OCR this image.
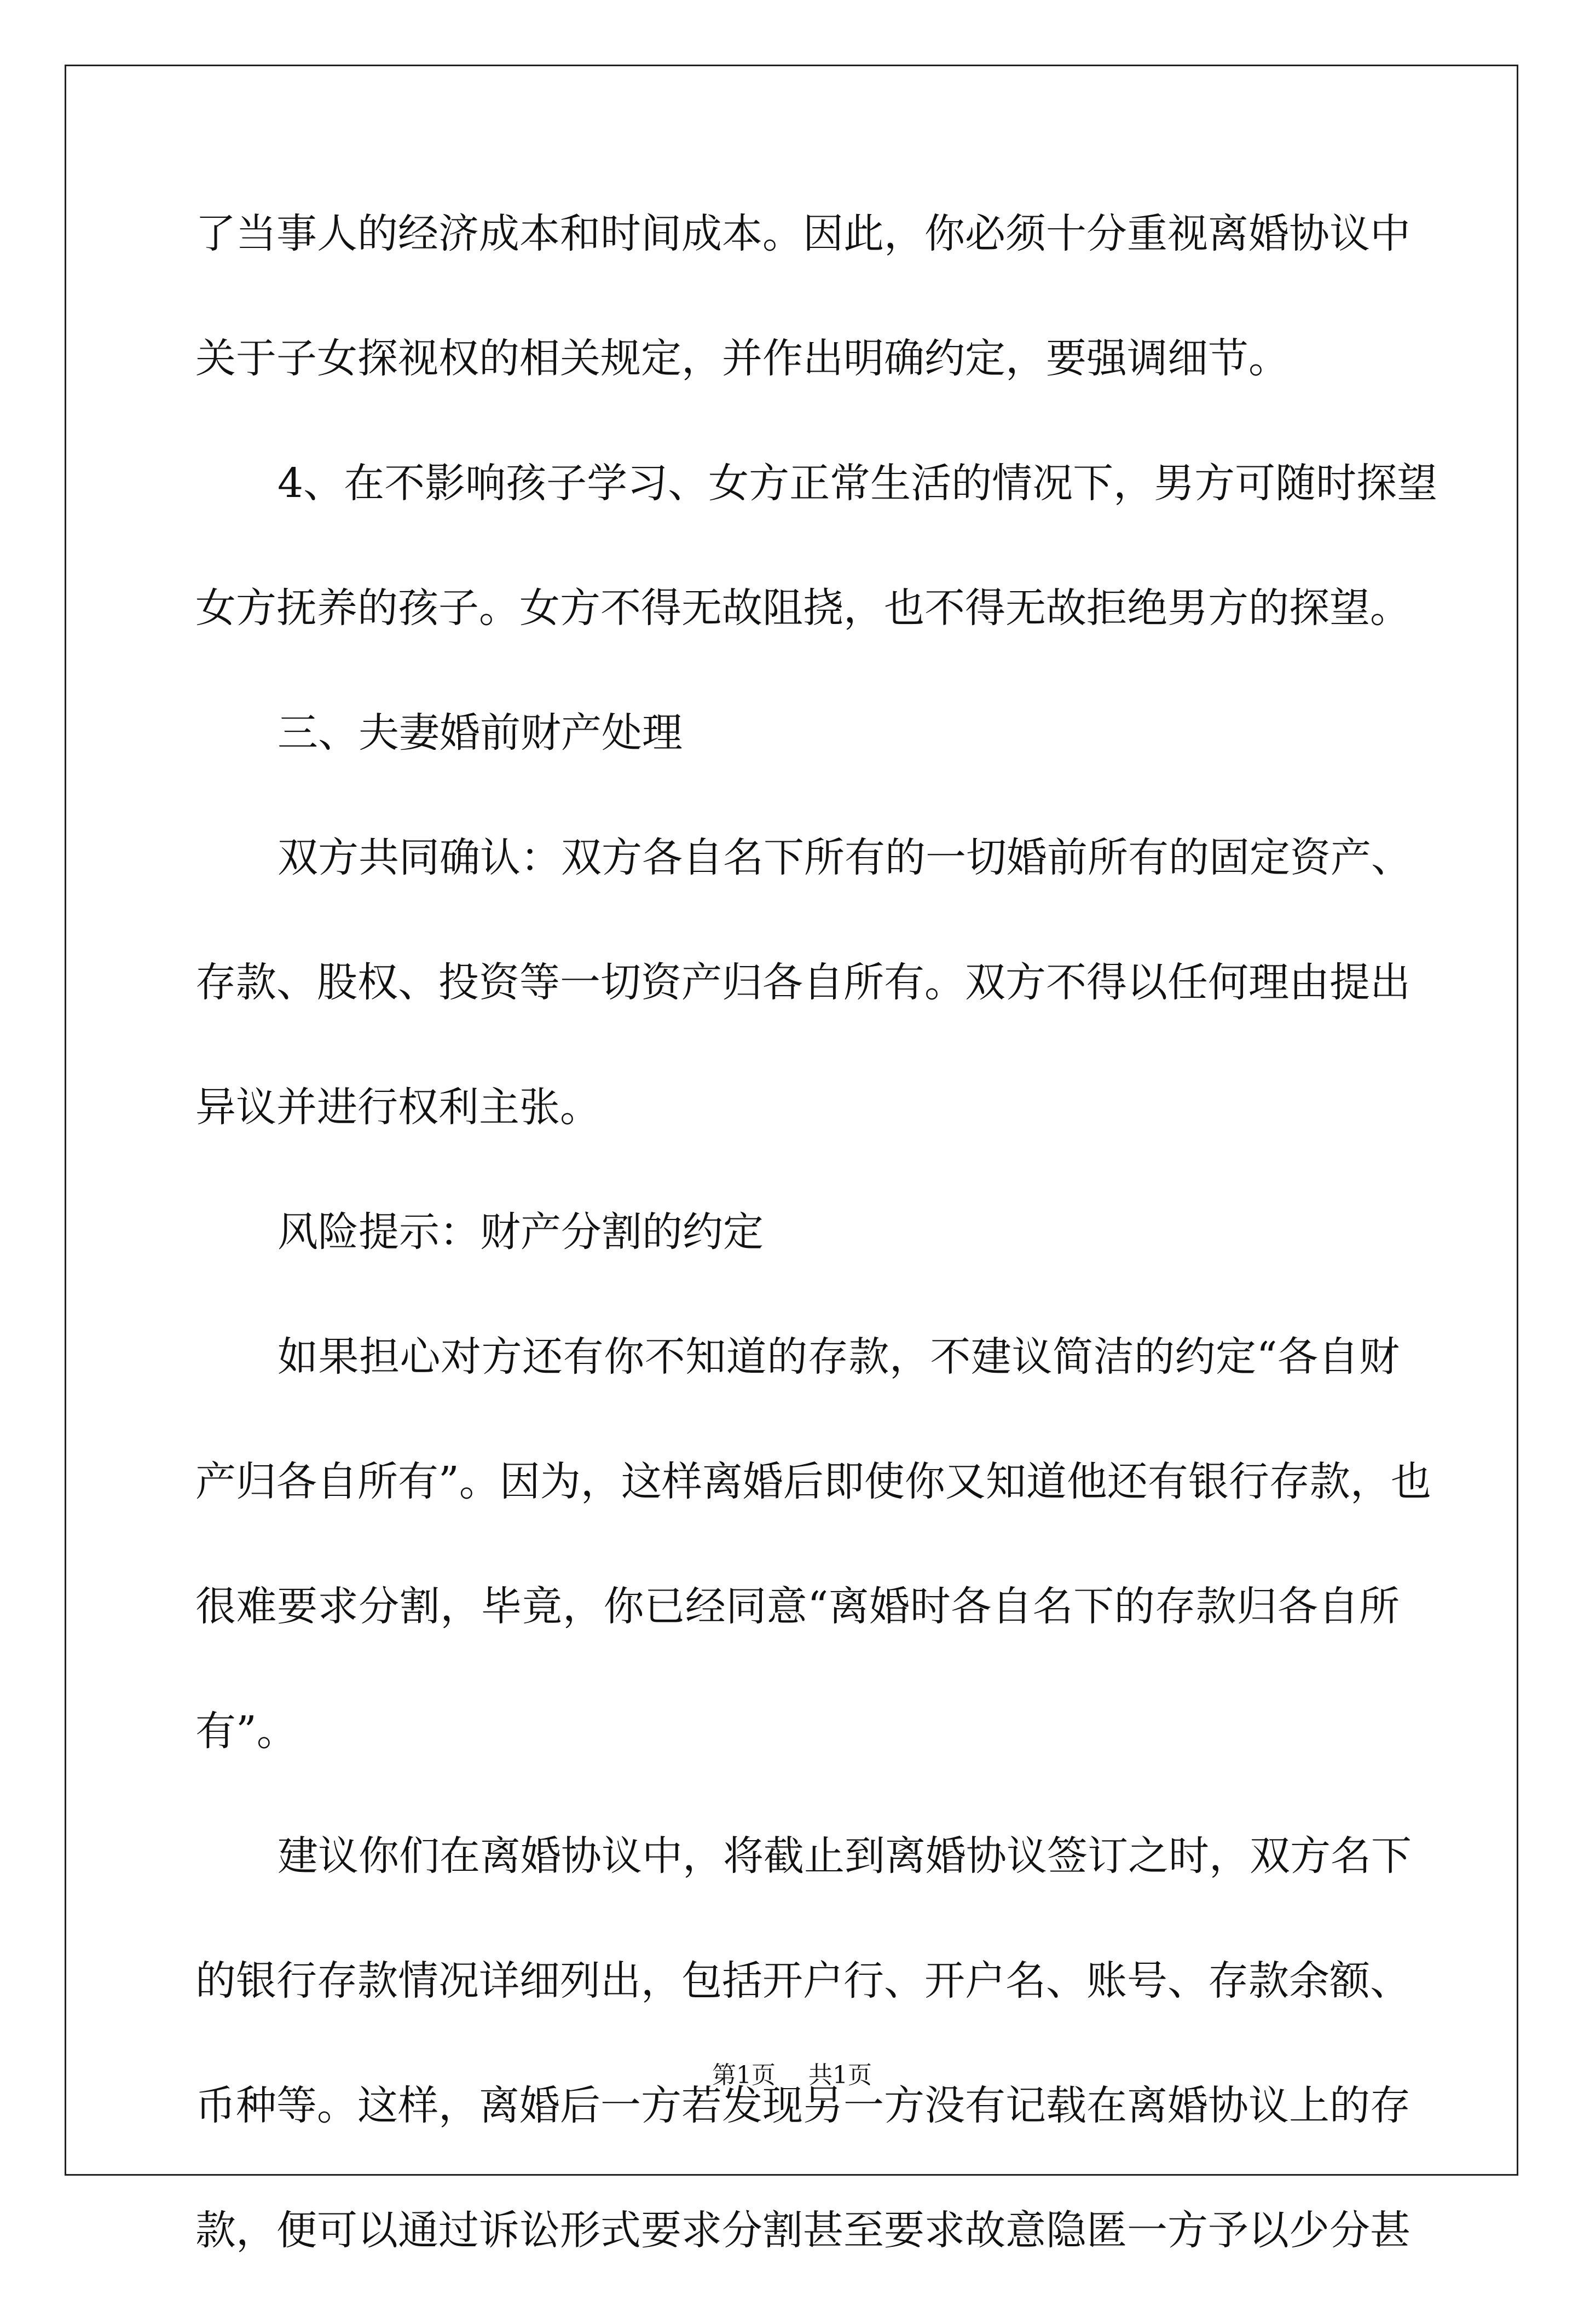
了当事人的经济成本和时间成本。因此，你必须十分重视离婚协议中
关于子女探视权的相关规定，并作出明确约定，要强调细节。
4、在不影响孩子学习、女方正常生活的情况下，男方可随时探望
女方抚养的孩子。女方不得无故阻挠，也不得无故拒绝男方的探望。
三、夫妻婚前财产处理
双方共同确认：双方各自名下所有的一切婚前所有的固定资产、
存款、股权、投资等一切资产归各自所有。双方不得以任何理由提出
异议并进行权利主张。
风险提示：财产分割的约定
如果担心对方还有你不知道的存款，不建议简洁的约定“各自财
产归各自所有”。因为，这样离婚后即使你又知道他还有银行存款，也
很难要求分割，毕竟，你已经同意“离婚时各自名下的存款归各自所
有”。
建议你们在离婚协议中，将截止到离婚协议签订之时，双方名下
的银行存款情况详细列出，包括开户行、开户名、账号、存款余额、
币种等。这样，离婚后一方若发现另一方没有记载在离婚协议上的存
款，便可以通过诉讼形式要求分割甚至要求故意隐匿一方予以少分甚
第1页 共1页
